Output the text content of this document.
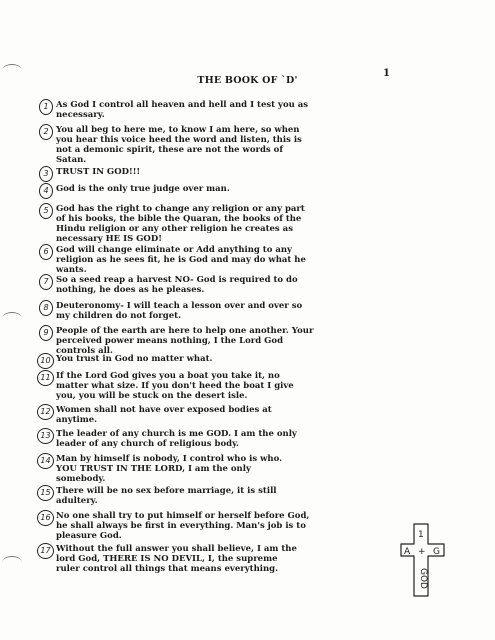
THE BOOK OF `D'
1
1 As God I control all heaven and hell and I test you as
necessary.
2 You all beg to here me, to know I am here, so when
you hear this voice heed the word and listen, this is
not a demonic spirit, these are not the words of
Satan.
3 TRUST IN GOD!!!
4 God is the only true judge over man.
5 God has the right to change any religion or any part
of his books, the bible the Quaran, the books of the
Hindu religion or any other religion he creates as
necessary HE IS GOD!
6 God will change eliminate or Add anything to any
religion as he sees fit, he is God and may do what he
wants.
7 So a seed reap a harvest NO- God is required to do
nothing, he does as he pleases.
8 Deuteronomy- I will teach a lesson over and over so
my children do not forget.
9 People of the earth are here to help one another. Your
perceived power means nothing, I the Lord God
controls all.
10 You trust in God no matter what.
11 If the Lord God gives you a boat you take it, no
matter what size. If you don't heed the boat I give
you, you will be stuck on the desert isle.
12 Women shall not have over exposed bodies at
anytime.
13 The leader of any church is me GOD. I am the only
leader of any church of religious body.
14 Man by himself is nobody, I control who is who.
YOU TRUST IN THE LORD, I am the only
somebody.
15 There will be no sex before marriage, it is still
adultery.
16 No one shall try to put himself or herself before God,
he shall always be first in everything. Man's job is to
pleasure God.
17 Without the full answer you shall believe, I am the
lord God, THERE IS NO DEVIL, I, the supreme
ruler control all things that means everything.
1
A + G
GOD
